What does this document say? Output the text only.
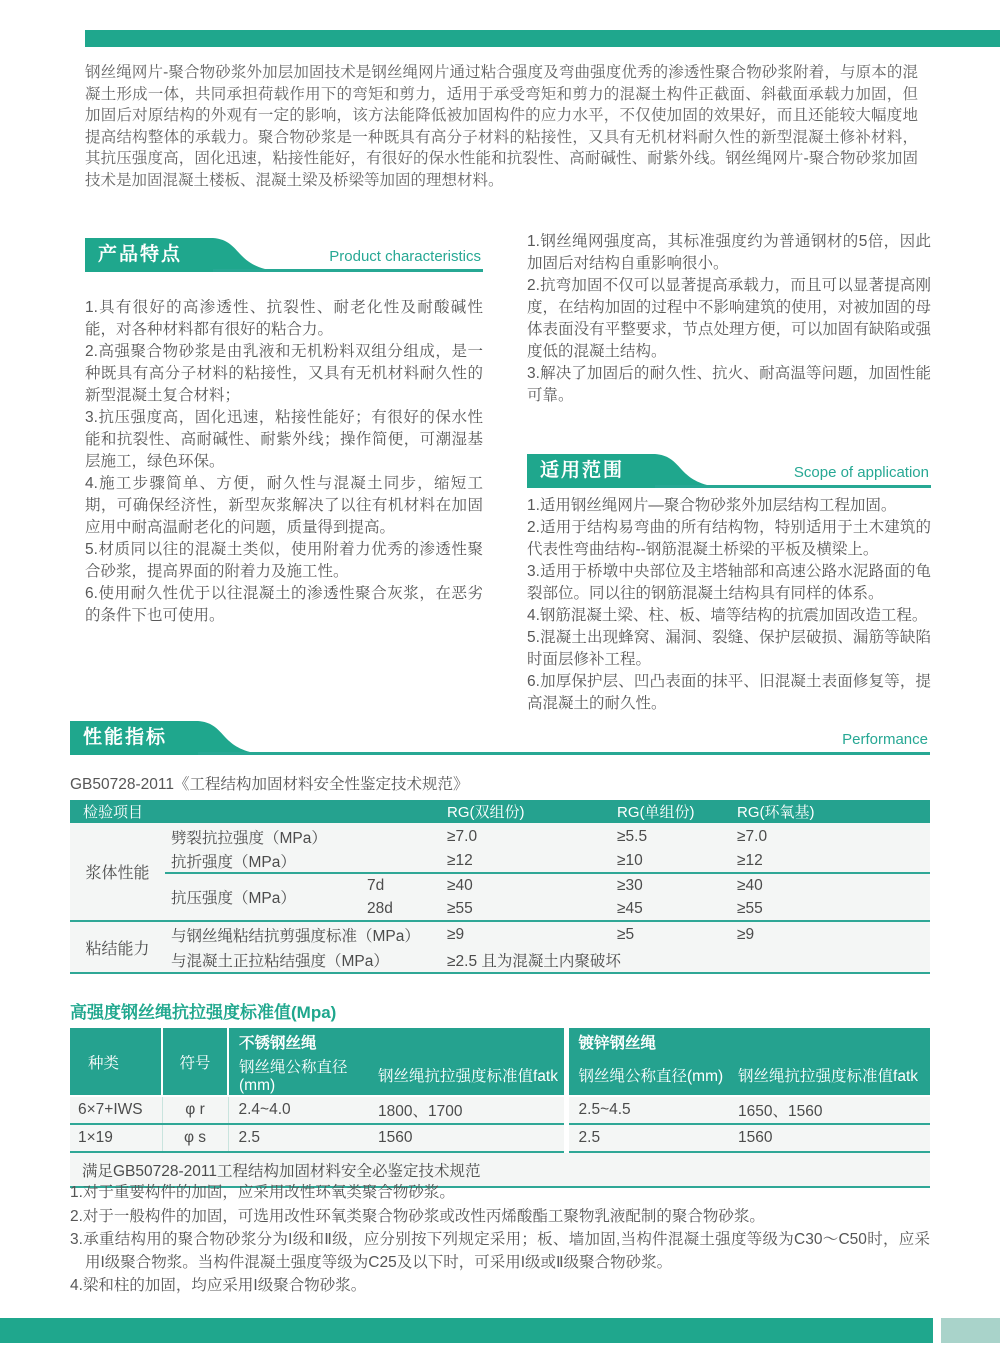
钢丝绳网片-聚合物砂浆外加层加固技术是钢丝绳网片通过粘合强度及弯曲强度优秀的渗透性聚合物砂浆附着，与原本的混凝土形成一体，共同承担荷载作用下的弯矩和剪力，适用于承受弯矩和剪力的混凝土构件正截面、斜截面承载力加固，但加固后对原结构的外观有一定的影响，该方法能降低被加固构件的应力水平，不仅使加固的效果好，而且还能较大幅度地提高结构整体的承载力。聚合物砂浆是一种既具有高分子材料的粘接性，又具有无机材料耐久性的新型混凝土修补材料，其抗压强度高，固化迅速，粘接性能好，有很好的保水性能和抗裂性、高耐碱性、耐紫外线。钢丝绳网片-聚合物砂浆加固技术是加固混凝土楼板、混凝土梁及桥梁等加固的理想材料。

产品特点	Product characteristics
1.具有很好的高渗透性、抗裂性、耐老化性及耐酸碱性能，对各种材料都有很好的粘合力。
2.高强聚合物砂浆是由乳液和无机粉料双组分组成，是一种既具有高分子材料的粘接性，又具有无机材料耐久性的新型混凝土复合材料；
3.抗压强度高，固化迅速，粘接性能好；有很好的保水性能和抗裂性、高耐碱性、耐紫外线；操作简便，可潮湿基层施工，绿色环保。
4.施工步骤简单、方便，耐久性与混凝土同步，缩短工期，可确保经济性，新型灰浆解决了以往有机材料在加固应用中耐高温耐老化的问题，质量得到提高。
5.材质同以往的混凝土类似，使用附着力优秀的渗透性聚合砂浆，提高界面的附着力及施工性。
6.使用耐久性优于以往混凝土的渗透性聚合灰浆，在恶劣的条件下也可使用。
1.钢丝绳网强度高，其标准强度约为普通钢材的5倍，因此加固后对结构自重影响很小。
2.抗弯加固不仅可以显著提高承载力，而且可以显著提高刚度，在结构加固的过程中不影响建筑的使用，对被加固的母体表面没有平整要求，节点处理方便，可以加固有缺陷或强度低的混凝土结构。
3.解决了加固后的耐久性、抗火、耐高温等问题，加固性能可靠。
适用范围	Scope of application
1.适用钢丝绳网片—聚合物砂浆外加层结构工程加固。
2.适用于结构易弯曲的所有结构物，特别适用于土木建筑的代表性弯曲结构--钢筋混凝土桥梁的平板及横梁上。
3.适用于桥墩中央部位及主塔轴部和高速公路水泥路面的龟裂部位。同以往的钢筋混凝土结构具有同样的体系。
4.钢筋混凝土梁、柱、板、墙等结构的抗震加固改造工程。
5.混凝土出现蜂窝、漏洞、裂缝、保护层破损、漏筋等缺陷时面层修补工程。
6.加厚保护层、凹凸表面的抹平、旧混凝土表面修复等，提高混凝土的耐久性。
性能指标	Performance
GB50728-2011《工程结构加固材料安全性鉴定技术规范》
检验项目			RG(双组份)	RG(单组份)	RG(环氧基)
浆体性能	劈裂抗拉强度（MPa）		≥7.0	≥5.5	≥7.0
	抗折强度（MPa）		≥12	≥10	≥12
	抗压强度（MPa）	7d	≥40	≥30	≥40
		28d	≥55	≥45	≥55
粘结能力	与钢丝绳粘结抗剪强度标准（MPa）		≥9	≥5	≥9
	与混凝土正拉粘结强度（MPa）		≥2.5 且为混凝土内聚破坏		
高强度钢丝绳抗拉强度标准值(Mpa)
种类	符号	不锈钢丝绳		镀锌钢丝绳	
		钢丝绳公称直径(mm)	钢丝绳抗拉强度标准值fatk	钢丝绳公称直径(mm)	钢丝绳抗拉强度标准值fatk
6×7+IWS	φ r	2.4~4.0	1800、1700	2.5~4.5	1650、1560
1×19	φ s	2.5	1560	2.5	1560
满足GB50728-2011工程结构加固材料安全必鉴定技术规范					
1.对于重要构件的加固，应采用改性环氧类聚合物砂浆。
2.对于一般构件的加固，可选用改性环氧类聚合物砂浆或改性丙烯酸酯工聚物乳液配制的聚合物砂浆。
3.承重结构用的聚合物砂浆分为I级和Ⅱ级，应分别按下列规定采用；板、墙加固,当构件混凝土强度等级为C30～C50时，应采用I级聚合物浆。当构件混凝土强度等级为C25及以下时，可采用I级或Ⅱ级聚合物砂浆。
4.梁和柱的加固，均应采用I级聚合物砂浆。
